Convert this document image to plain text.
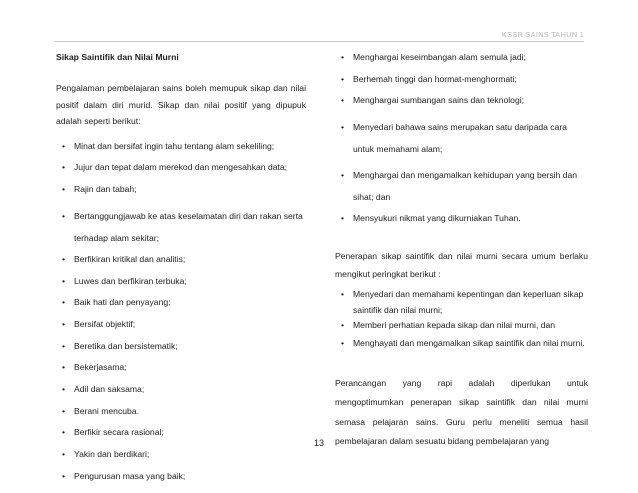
KSSR SAINS TAHUN 1

Sikap Saintifik dan Nilai Murni

Pengalaman pembelajaran sains boleh memupuk sikap dan nilai positif dalam diri murid. Sikap dan nilai positif yang dipupuk adalah seperti berikut:

• Minat dan bersifat ingin tahu tentang alam sekeliling;
• Jujur dan tepat dalam merekod dan mengesahkan data;
• Rajin dan tabah;
• Bertanggungjawab ke atas keselamatan diri dan rakan serta terhadap alam sekitar;
• Berfikiran kritikal dan analitis;
• Luwes dan berfikiran terbuka;
• Baik hati dan penyayang;
• Bersifat objektif;
• Beretika dan bersistematik;
• Bekerjasama;
• Adil dan saksama;
• Berani mencuba.
• Berfikir secara rasional;
• Yakin dan berdikari;
• Pengurusan masa yang baik;
• Menghargai keseimbangan alam semula jadi;
• Berhemah tinggi dan hormat-menghormati;
• Menghargai sumbangan sains dan teknologi;
• Menyedari bahawa sains merupakan satu daripada cara untuk memahami alam;
• Menghargai dan mengamalkan kehidupan yang bersih dan sihat; dan
• Mensyukuri nikmat yang dikurniakan Tuhan.

Penerapan sikap saintifik dan nilai murni secara umum berlaku mengikut peringkat berikut :

• Menyedari dan memahami kepentingan dan keperluan sikap saintifik dan nilai murni;
• Memberi perhatian kepada sikap dan nilai murni, dan
• Menghayati dan mengamalkan sikap saintifik dan nilai murni.

Perancangan yang rapi adalah diperlukan untuk mengoptimumkan penerapan sikap saintifik dan nilai murni semasa pelajaran sains. Guru perlu meneliti semua hasil pembelajaran dalam sesuatu bidang pembelajaran yang

13
